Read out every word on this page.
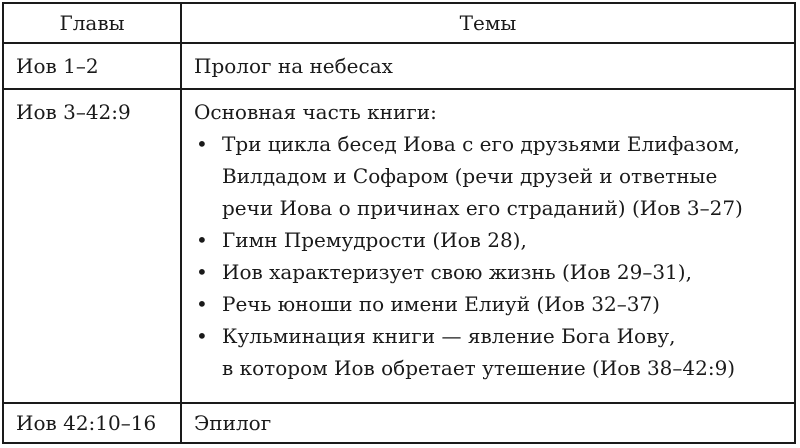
Главы	Темы
Иов 1–2	Пролог на небесах
Иов 3–42:9	Основная часть книги:
• Три цикла бесед Иова с его друзьями Елифазом,
Вилдадом и Софаром (речи друзей и ответные
речи Иова о причинах его страданий) (Иов 3–27)
• Гимн Премудрости (Иов 28),
• Иов характеризует свою жизнь (Иов 29–31),
• Речь юноши по имени Елиуй (Иов 32–37)
• Кульминация книги — явление Бога Иову,
в котором Иов обретает утешение (Иов 38–42:9)
Иов 42:10–16	Эпилог
